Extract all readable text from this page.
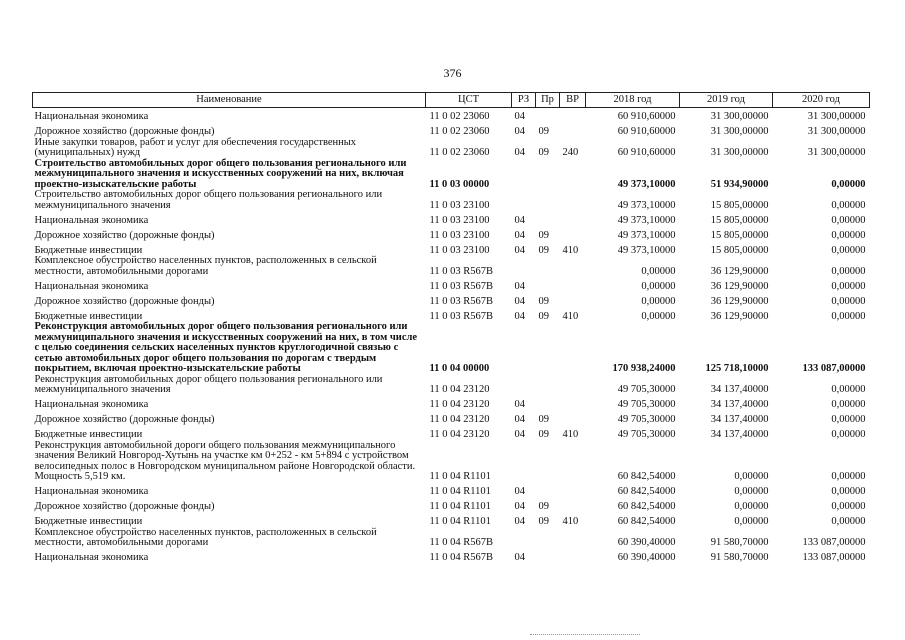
376
Наименование	ЦСТ	РЗ	Пр	ВР	2018 год	2019 год	2020 год
Национальная экономика	11 0 02 23060	04			60 910,60000	31 300,00000	31 300,00000
Дорожное хозяйство (дорожные фонды)	11 0 02 23060	04	09		60 910,60000	31 300,00000	31 300,00000
Иные закупки товаров, работ и услуг для обеспечения государственных (муниципальных) нужд	11 0 02 23060	04	09	240	60 910,60000	31 300,00000	31 300,00000
Строительство автомобильных дорог общего пользования регионального или межмуниципального значения и искусственных сооружений на них, включая проектно-изыскательские работы	11 0 03 00000				49 373,10000	51 934,90000	0,00000
Строительство автомобильных дорог общего пользования регионального или межмуниципального значения	11 0 03 23100				49 373,10000	15 805,00000	0,00000
Национальная экономика	11 0 03 23100	04			49 373,10000	15 805,00000	0,00000
Дорожное хозяйство (дорожные фонды)	11 0 03 23100	04	09		49 373,10000	15 805,00000	0,00000
Бюджетные инвестиции	11 0 03 23100	04	09	410	49 373,10000	15 805,00000	0,00000
Комплексное обустройство населенных пунктов, расположенных в сельской местности, автомобильными дорогами	11 0 03 R567B				0,00000	36 129,90000	0,00000
Национальная экономика	11 0 03 R567B	04			0,00000	36 129,90000	0,00000
Дорожное хозяйство (дорожные фонды)	11 0 03 R567B	04	09		0,00000	36 129,90000	0,00000
Бюджетные инвестиции	11 0 03 R567B	04	09	410	0,00000	36 129,90000	0,00000
Реконструкция автомобильных дорог общего пользования регионального или межмуниципального значения и искусственных сооружений на них, в том числе с целью соединения сельских населенных пунктов круглогодичной связью с сетью автомобильных дорог общего пользования по дорогам с твердым покрытием, включая проектно-изыскательские работы	11 0 04 00000				170 938,24000	125 718,10000	133 087,00000
Реконструкция автомобильных дорог общего пользования регионального или межмуниципального значения	11 0 04 23120				49 705,30000	34 137,40000	0,00000
Национальная экономика	11 0 04 23120	04			49 705,30000	34 137,40000	0,00000
Дорожное хозяйство (дорожные фонды)	11 0 04 23120	04	09		49 705,30000	34 137,40000	0,00000
Бюджетные инвестиции	11 0 04 23120	04	09	410	49 705,30000	34 137,40000	0,00000
Реконструкция автомобильной дороги общего пользования межмуниципального значения Великий Новгород-Хутынь на участке км 0+252 - км 5+894 с устройством велосипедных полос в Новгородском муниципальном районе Новгородской области. Мощность 5,519 км.	11 0 04 R1101				60 842,54000	0,00000	0,00000
Национальная экономика	11 0 04 R1101	04			60 842,54000	0,00000	0,00000
Дорожное хозяйство (дорожные фонды)	11 0 04 R1101	04	09		60 842,54000	0,00000	0,00000
Бюджетные инвестиции	11 0 04 R1101	04	09	410	60 842,54000	0,00000	0,00000
Комплексное обустройство населенных пунктов, расположенных в сельской местности, автомобильными дорогами	11 0 04 R567B				60 390,40000	91 580,70000	133 087,00000
Национальная экономика	11 0 04 R567B	04			60 390,40000	91 580,70000	133 087,00000
